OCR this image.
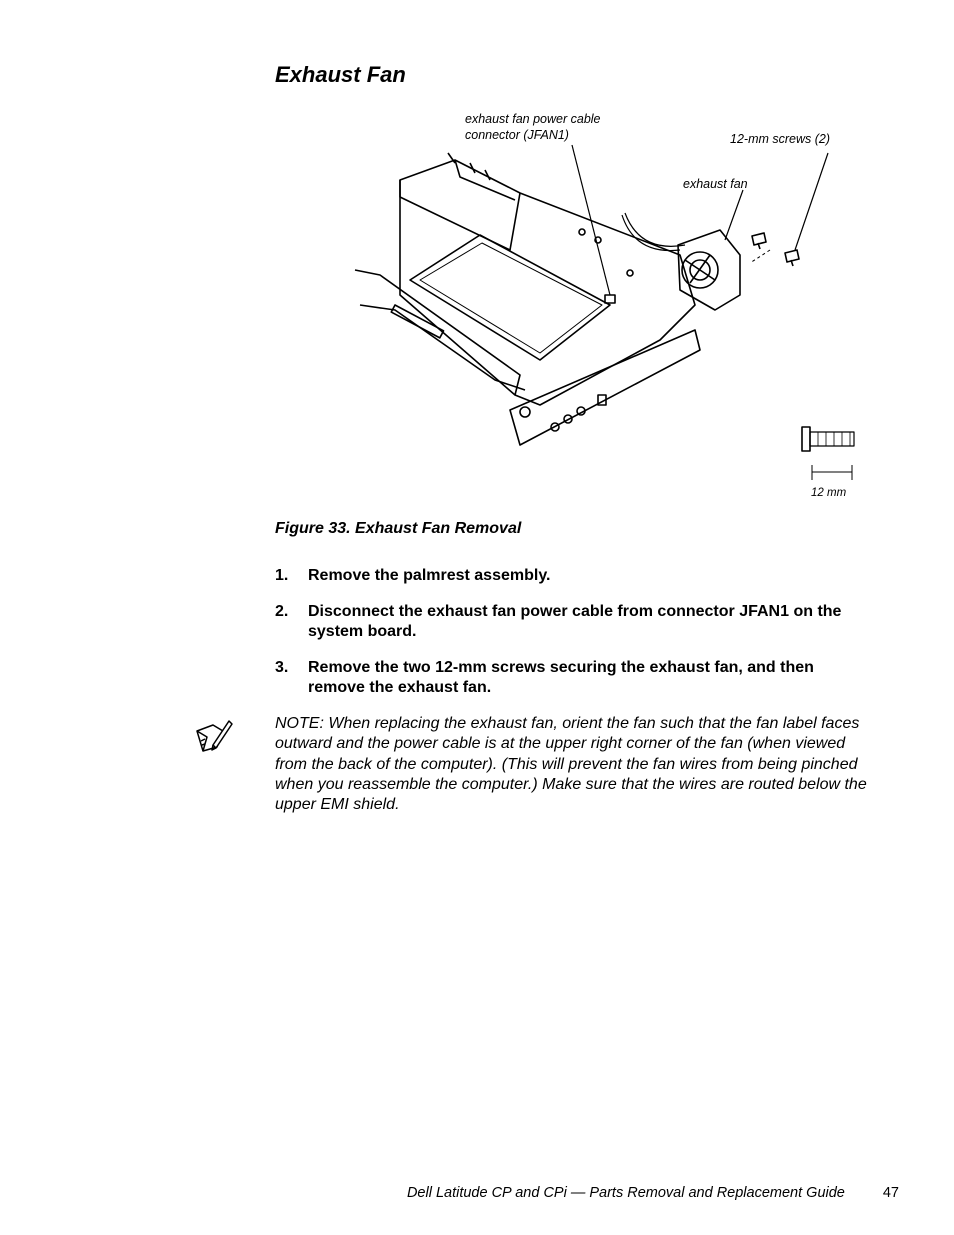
Exhaust Fan
exhaust fan power cable
connector (JFAN1)	12-mm screws (2)
exhaust fan
12 mm
Figure 33. Exhaust Fan Removal
1. Remove the palmrest assembly.
2. Disconnect the exhaust fan power cable from connector JFAN1 on the system board.
3. Remove the two 12-mm screws securing the exhaust fan, and then remove the exhaust fan.

NOTE: When replacing the exhaust fan, orient the fan such that the fan label faces outward and the power cable is at the upper right corner of the fan (when viewed from the back of the computer). (This will prevent the fan wires from being pinched when you reassemble the computer.) Make sure that the wires are routed below the upper EMI shield.

Dell Latitude CP and CPi — Parts Removal and Replacement Guide	47
